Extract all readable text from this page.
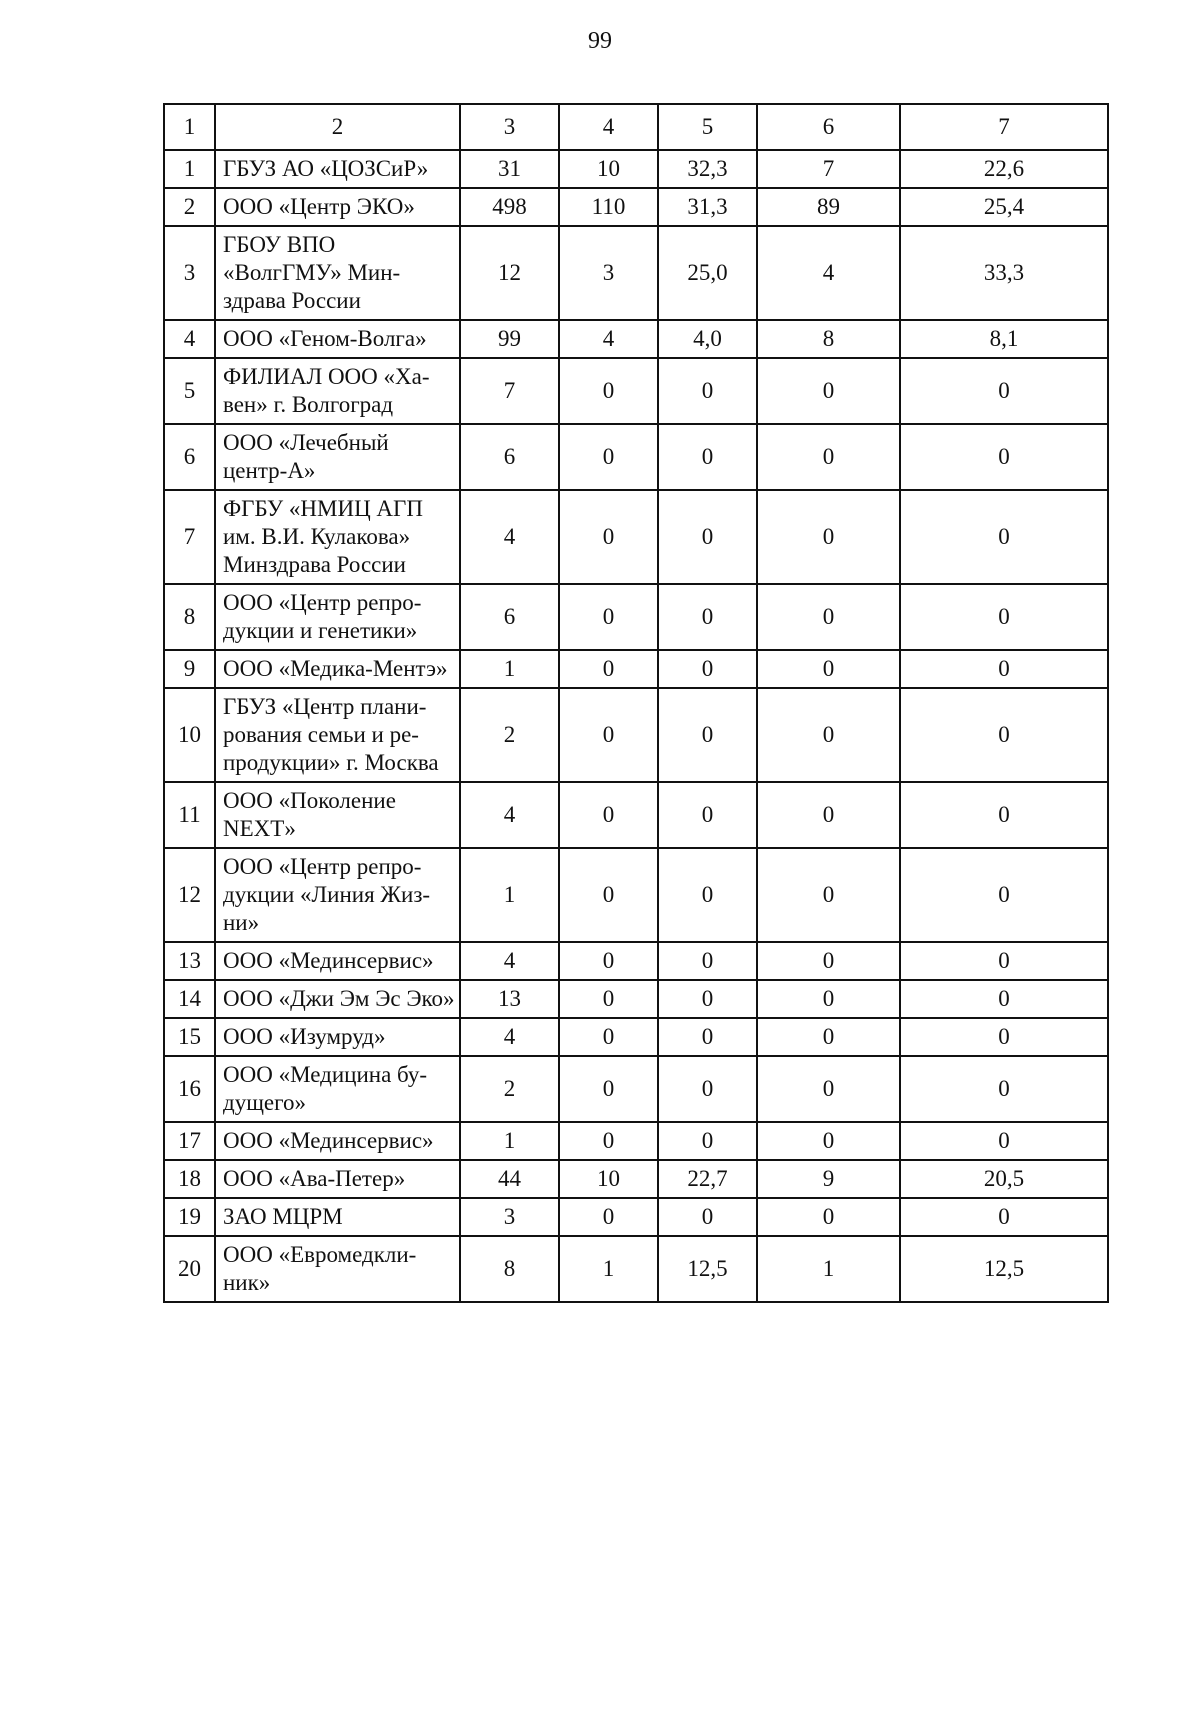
99
1	2	3	4	5	6	7
1	ГБУЗ АО «ЦОЗСиР»	31	10	32,3	7	22,6
2	ООО «Центр ЭКО»	498	110	31,3	89	25,4
3	ГБОУ ВПО «ВолгГМУ» Мин-здрава России	12	3	25,0	4	33,3
4	ООО «Геном-Волга»	99	4	4,0	8	8,1
5	ФИЛИАЛ ООО «Ха-вен» г. Волгоград	7	0	0	0	0
6	ООО «Лечебный центр-А»	6	0	0	0	0
7	ФГБУ «НМИЦ АГП им. В.И. Кулакова» Минздрава России	4	0	0	0	0
8	ООО «Центр репро-дукции и генетики»	6	0	0	0	0
9	ООО «Медика-Ментэ»	1	0	0	0	0
10	ГБУЗ «Центр плани-рования семьи и ре-продукции» г. Москва	2	0	0	0	0
11	ООО «Поколение NEXT»	4	0	0	0	0
12	ООО «Центр репро-дукции «Линия Жиз-ни»	1	0	0	0	0
13	ООО «Мединсервис»	4	0	0	0	0
14	ООО «Джи Эм Эс Эко»	13	0	0	0	0
15	ООО «Изумруд»	4	0	0	0	0
16	ООО «Медицина бу-дущего»	2	0	0	0	0
17	ООО «Мединсервис»	1	0	0	0	0
18	ООО «Ава-Петер»	44	10	22,7	9	20,5
19	ЗАО МЦРМ	3	0	0	0	0
20	ООО «Евромедкли-ник»	8	1	12,5	1	12,5
